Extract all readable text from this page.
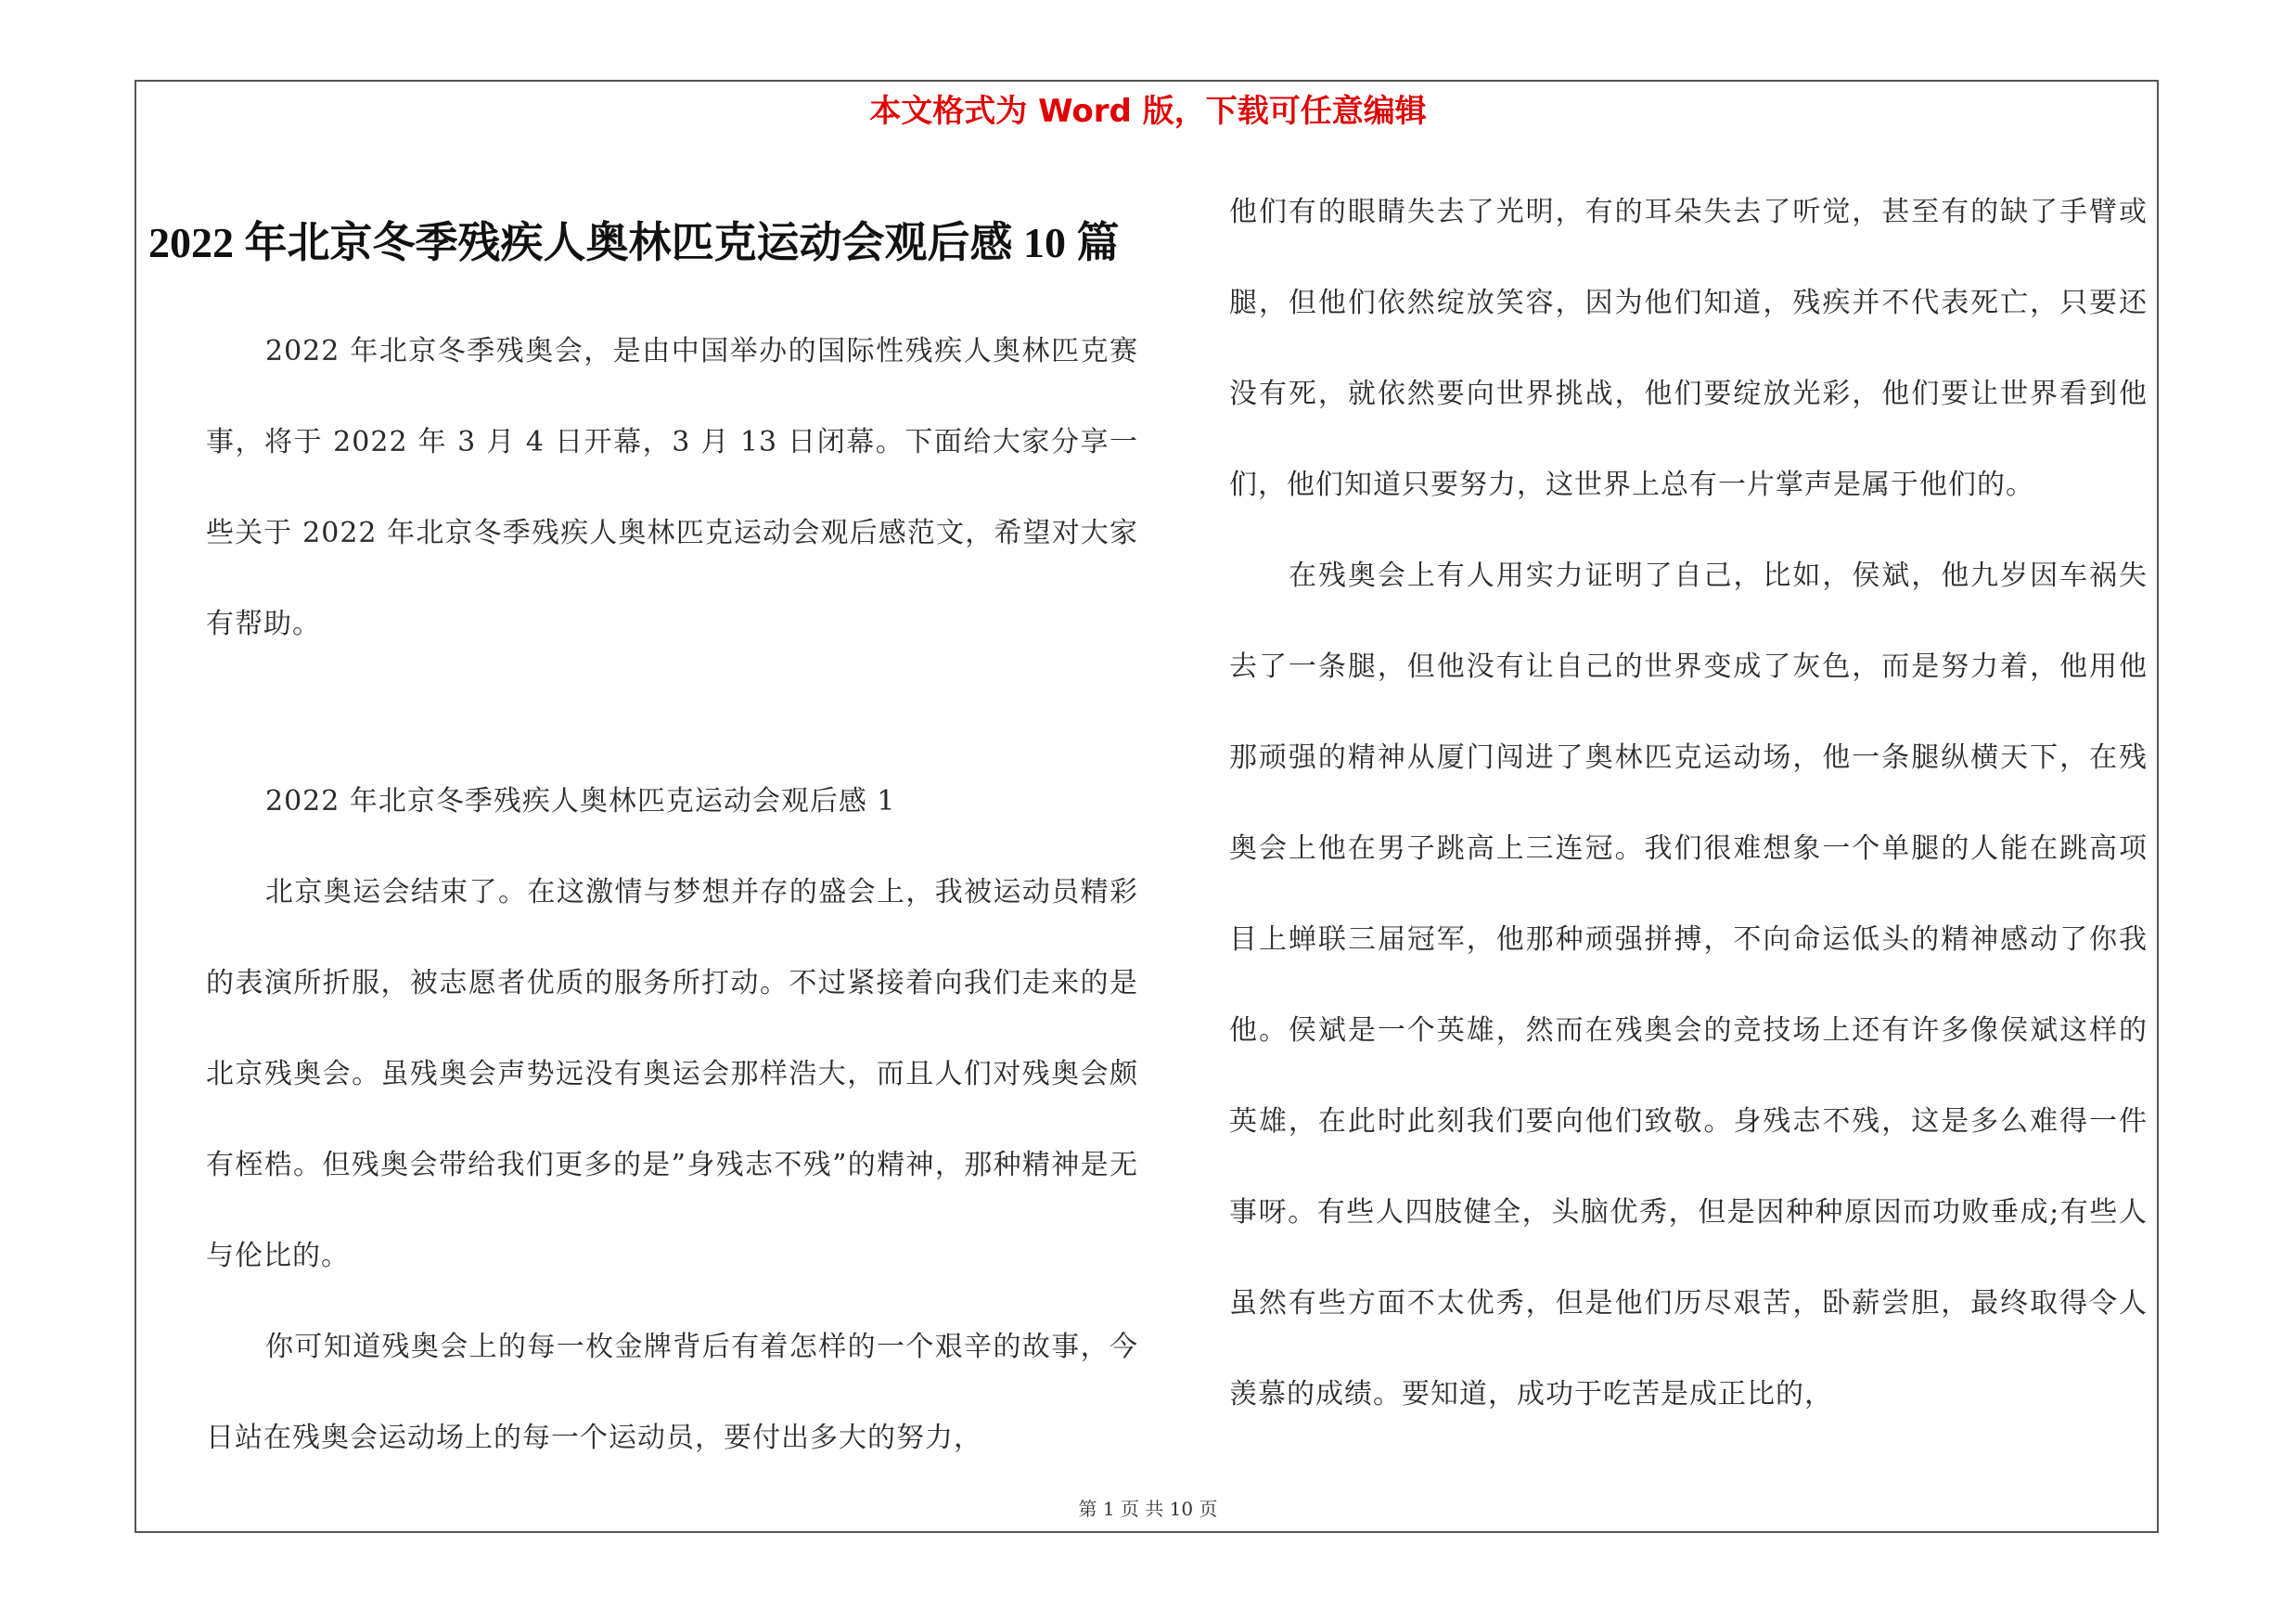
本文格式为 Word 版，下载可任意编辑
2022 年北京冬季残疾人奥林匹克运动会观后感 10 篇

2022 年北京冬季残奥会，是由中国举办的国际性残疾人奥林匹克赛事，将于 2022 年 3 月 4 日开幕，3 月 13 日闭幕。下面给大家分享一些关于 2022 年北京冬季残疾人奥林匹克运动会观后感范文，希望对大家有帮助。

2022 年北京冬季残疾人奥林匹克运动会观后感 1

北京奥运会结束了。在这激情与梦想并存的盛会上，我被运动员精彩的表演所折服，被志愿者优质的服务所打动。不过紧接着向我们走来的是北京残奥会。虽残奥会声势远没有奥运会那样浩大，而且人们对残奥会颇有桎梏。但残奥会带给我们更多的是”身残志不残”的精神，那种精神是无与伦比的。

你可知道残奥会上的每一枚金牌背后有着怎样的一个艰辛的故事，今日站在残奥会运动场上的每一个运动员，要付出多大的努力，

他们有的眼睛失去了光明，有的耳朵失去了听觉，甚至有的缺了手臂或腿，但他们依然绽放笑容，因为他们知道，残疾并不代表死亡，只要还没有死，就依然要向世界挑战，他们要绽放光彩，他们要让世界看到他们，他们知道只要努力，这世界上总有一片掌声是属于他们的。

在残奥会上有人用实力证明了自己，比如，侯斌，他九岁因车祸失去了一条腿，但他没有让自己的世界变成了灰色，而是努力着，他用他那顽强的精神从厦门闯进了奥林匹克运动场，他一条腿纵横天下，在残奥会上他在男子跳高上三连冠。我们很难想象一个单腿的人能在跳高项目上蝉联三届冠军，他那种顽强拼搏，不向命运低头的精神感动了你我他。侯斌是一个英雄，然而在残奥会的竞技场上还有许多像侯斌这样的英雄，在此时此刻我们要向他们致敬。身残志不残，这是多么难得一件事呀。有些人四肢健全，头脑优秀，但是因种种原因而功败垂成;有些人虽然有些方面不太优秀，但是他们历尽艰苦，卧薪尝胆，最终取得令人羡慕的成绩。要知道，成功于吃苦是成正比的，

第 1 页 共 10 页
